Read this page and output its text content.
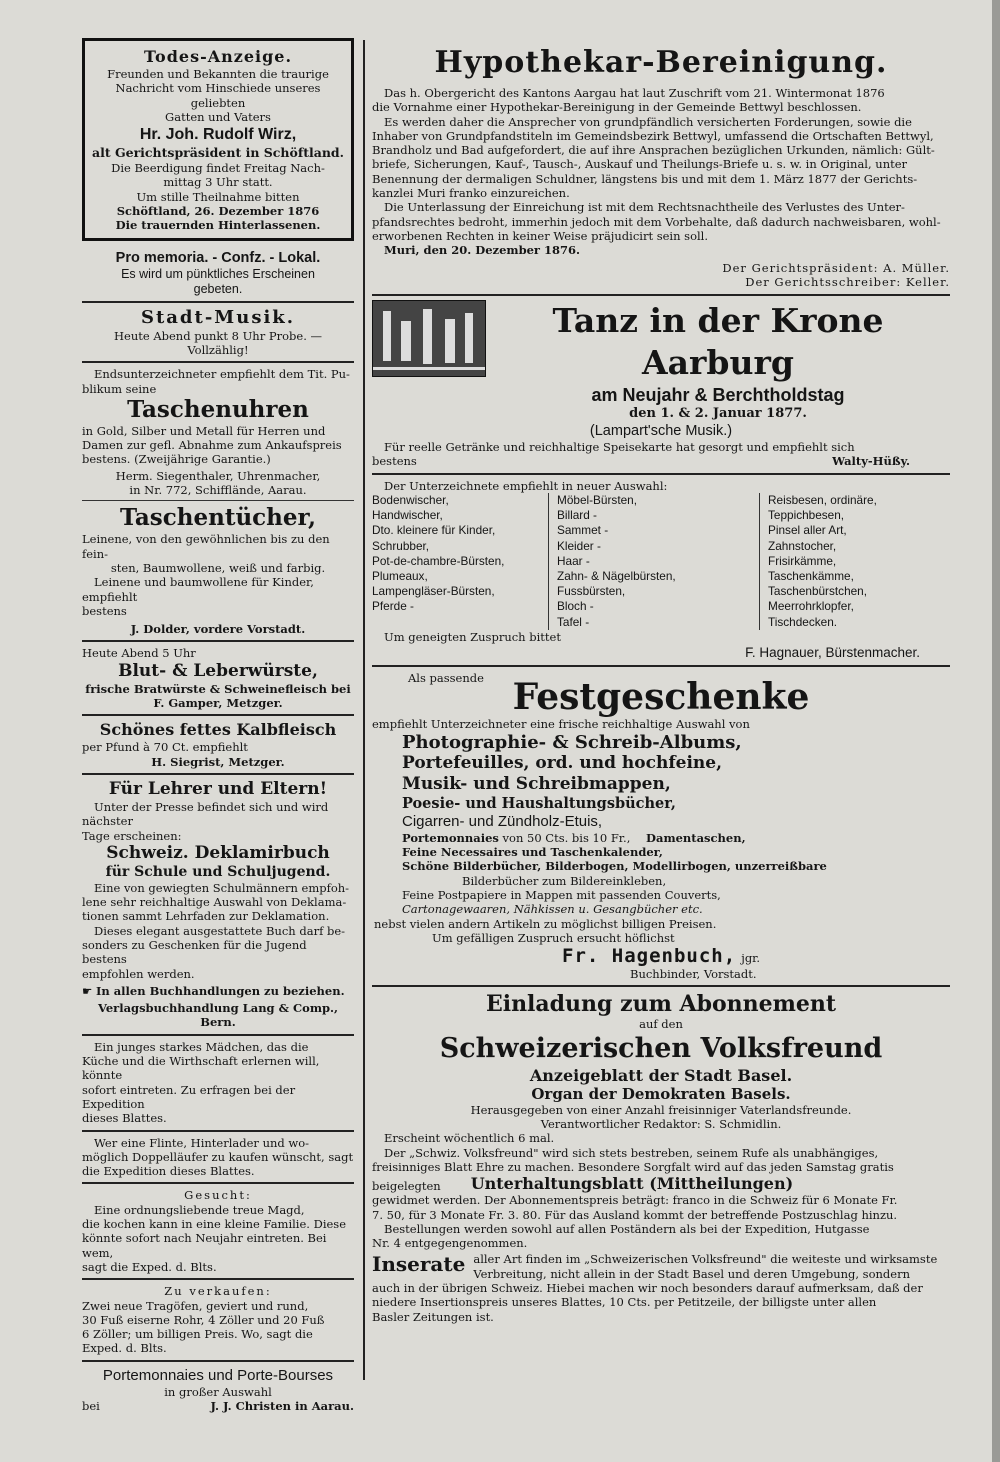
Todes-Anzeige.

Freunden und Bekannten die traurige

Nachricht vom Hinschiede unseres geliebten

Gatten und Vaters

Hr. Joh. Rudolf Wirz,

alt Gerichtspräsident in Schöftland.

Die Beerdigung findet Freitag Nach-

mittag 3 Uhr statt.

Um stille Theilnahme bitten

Schöftland, 26. Dezember 1876

Die trauernden Hinterlassenen.

Pro memoria. - Confz. - Lokal.

Es wird um pünktliches Erscheinen

gebeten.

Stadt-Musik.

Heute Abend punkt 8 Uhr Probe. —

Vollzählig!

Endsunterzeichneter empfiehlt dem Tit. Pu-

blikum seine

Taschenuhren

in Gold, Silber und Metall für Herren und

Damen zur gefl. Abnahme zum Ankaufspreis

bestens. (Zweijährige Garantie.)

Herm. Siegenthaler, Uhrenmacher,

in Nr. 772, Schifflände, Aarau.

Taschentücher,

Leinene, von den gewöhnlichen bis zu den fein-

sten, Baumwollene, weiß und farbig.

Leinene und baumwollene für Kinder, empfiehlt

bestens

J. Dolder, vordere Vorstadt.

Heute Abend 5 Uhr

Blut- & Leberwürste,

frische Bratwürste & Schweinefleisch bei

F. Gamper, Metzger.

Schönes fettes Kalbfleisch

per Pfund à 70 Ct. empfiehlt

H. Siegrist, Metzger.

Für Lehrer und Eltern!

Unter der Presse befindet sich und wird nächster

Tage erscheinen:

Schweiz. Deklamirbuch

für Schule und Schuljugend.

Eine von gewiegten Schulmännern empfoh-

lene sehr reichhaltige Auswahl von Deklama-

tionen sammt Lehrfaden zur Deklamation.

Dieses elegant ausgestattete Buch darf be-

sonders zu Geschenken für die Jugend bestens

empfohlen werden.

☛ In allen Buchhandlungen zu beziehen.

Verlagsbuchhandlung Lang & Comp.,

Bern.

Ein junges starkes Mädchen, das die

Küche und die Wirthschaft erlernen will, könnte

sofort eintreten. Zu erfragen bei der Expedition

dieses Blattes.

Wer eine Flinte, Hinterlader und wo-

möglich Doppelläufer zu kaufen wünscht, sagt

die Expedition dieses Blattes.

Gesucht:

Eine ordnungsliebende treue Magd,

die kochen kann in eine kleine Familie. Diese

könnte sofort nach Neujahr eintreten. Bei wem,

sagt die Exped. d. Blts.

Zu verkaufen:

Zwei neue Tragöfen, geviert und rund,

30 Fuß eiserne Rohr, 4 Zöller und 20 Fuß

6 Zöller; um billigen Preis. Wo, sagt die

Exped. d. Blts.

Portemonnaies und Porte-Bourses

in großer Auswahl

bei	J. J. Christen in Aarau.

Hypothekar-Bereinigung.

Das h. Obergericht des Kantons Aargau hat laut Zuschrift vom 21. Wintermonat 1876

die Vornahme einer Hypothekar-Bereinigung in der Gemeinde Bettwyl beschlossen.

Es werden daher die Ansprecher von grundpfändlich versicherten Forderungen, sowie die

Inhaber von Grundpfandstiteln im Gemeindsbezirk Bettwyl, umfassend die Ortschaften Bettwyl,

Brandholz und Bad aufgefordert, die auf ihre Ansprachen bezüglichen Urkunden, nämlich: Gült-

briefe, Sicherungen, Kauf-, Tausch-, Auskauf und Theilungs-Briefe u. s. w. in Original, unter

Benennung der dermaligen Schuldner, längstens bis und mit dem 1. März 1877 der Gerichts-

kanzlei Muri franko einzureichen.

Die Unterlassung der Einreichung ist mit dem Rechtsnachtheile des Verlustes des Unter-

pfandsrechtes bedroht, immerhin jedoch mit dem Vorbehalte, daß dadurch nachweisbaren, wohl-

erworbenen Rechten in keiner Weise präjudicirt sein soll.

Muri, den 20. Dezember 1876.

Der Gerichtspräsident: A. Müller.

Der Gerichtsschreiber: Keller.

Tanz in der Krone Aarburg

am Neujahr & Berchtholdstag

den 1. & 2. Januar 1877.

(Lampart'sche Musik.)

Für reelle Getränke und reichhaltige Speisekarte hat gesorgt und empfiehlt sich

bestens	Walty-Hüßy.

Der Unterzeichnete empfiehlt in neuer Auswahl:

Bodenwischer,
Handwischer,
Dto. kleinere für Kinder,
Schrubber,
Pot-de-chambre-Bürsten,
Plumeaux,
Lampengläser-Bürsten,
Pferde -
Möbel-Bürsten,
Billard -
Sammet -
Kleider -
Haar -
Zahn- & Nägelbürsten,
Fussbürsten,
Bloch -
Tafel -
Reisbesen, ordinäre,
Teppichbesen,
Pinsel aller Art,
Zahnstocher,
Frisirkämme,
Taschenkämme,
Taschenbürstchen,
Meerrohrklopfer,
Tischdecken.

Um geneigten Zuspruch bittet

F. Hagnauer, Bürstenmacher.

Als passende Festgeschenke

empfiehlt Unterzeichneter eine frische reichhaltige Auswahl von

Photographie- & Schreib-Albums,

Portefeuilles, ord. und hochfeine,

Musik- und Schreibmappen,

Poesie- und Haushaltungsbücher,

Cigarren- und Zündholz-Etuis,

Portemonnaies von 50 Cts. bis 10 Fr., Damentaschen,

Feine Necessaires und Taschenkalender,

Schöne Bilderbücher, Bilderbogen, Modellirbogen, unzerreißbare

Bilderbücher zum Bildereinkleben,

Feine Postpapiere in Mappen mit passenden Couverts,

Cartonagewaaren, Nähkissen u. Gesangbücher etc.

nebst vielen andern Artikeln zu möglichst billigen Preisen.

Um gefälligen Zuspruch ersucht höflichst

Fr. Hagenbuch, jgr.

Buchbinder, Vorstadt.

Einladung zum Abonnement

auf den

Schweizerischen Volksfreund

Anzeigeblatt der Stadt Basel.

Organ der Demokraten Basels.

Herausgegeben von einer Anzahl freisinniger Vaterlandsfreunde.

Verantwortlicher Redaktor: S. Schmidlin.

Erscheint wöchentlich 6 mal.

Der „Schwiz. Volksfreund" wird sich stets bestreben, seinem Rufe als unabhängiges,

freisinniges Blatt Ehre zu machen. Besondere Sorgfalt wird auf das jeden Samstag gratis

beigelegten Unterhaltungsblatt (Mittheilungen)

gewidmet werden. Der Abonnementspreis beträgt: franco in die Schweiz für 6 Monate Fr.

7. 50, für 3 Monate Fr. 3. 80. Für das Ausland kommt der betreffende Postzuschlag hinzu.

Bestellungen werden sowohl auf allen Poständern als bei der Expedition, Hutgasse

Nr. 4 entgegengenommen.

Inserate aller Art finden im „Schweizerischen Volksfreund" die weiteste und wirksamste

Verbreitung, nicht allein in der Stadt Basel und deren Umgebung, sondern

auch in der übrigen Schweiz. Hiebei machen wir noch besonders darauf aufmerksam, daß der

niedere Insertionspreis unseres Blattes, 10 Cts. per Petitzeile, der billigste unter allen

Basler Zeitungen ist.
